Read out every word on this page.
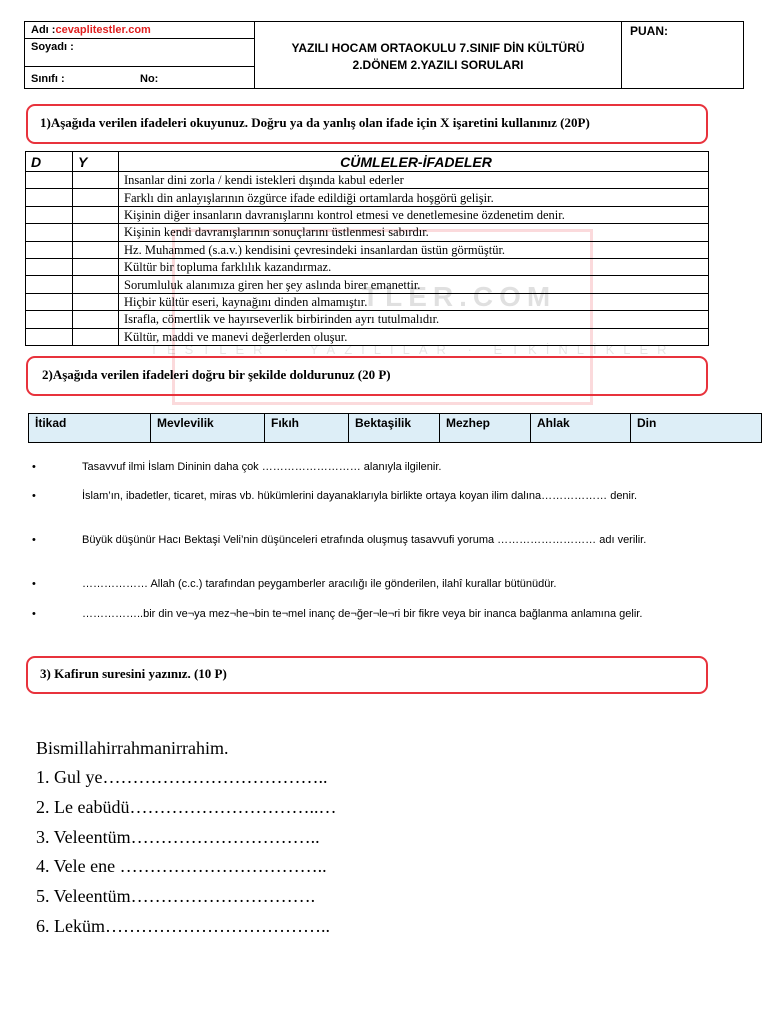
TLER.COM
TESTLER · YAZILILAR · ETKİNLİKLER
Adı :cevaplitestler.com
Soyadı :
Sınıfı :	No:
YAZILI HOCAM ORTAOKULU 7.SINIF DİN KÜLTÜRÜ
2.DÖNEM 2.YAZILI SORULARI
PUAN:
1)Aşağıda verilen ifadeleri okuyunuz. Doğru ya da yanlış olan ifade için X işaretini kullanınız (20P)
D	Y	CÜMLELER-İFADELER
		Insanlar dini zorla / kendi istekleri dışında kabul ederler
		Farklı din anlayışlarının özgürce ifade edildiği ortamlarda hoşgörü gelişir.
		Kişinin diğer insanların davranışlarını kontrol etmesi ve denetlemesine özdenetim denir.
		Kişinin kendi davranışlarının sonuçlarını üstlenmesi sabırdır.
		Hz. Muhammed (s.a.v.) kendisini çevresindeki insanlardan üstün görmüştür.
		Kültür bir topluma farklılık kazandırmaz.
		Sorumluluk alanımıza giren her şey aslında birer emanettir.
		Hiçbir kültür eseri, kaynağını dinden almamıştır.
		Israfla, cömertlik ve hayırseverlik birbirinden ayrı tutulmalıdır.
		Kültür, maddi ve manevi değerlerden oluşur.
2)Aşağıda verilen ifadeleri doğru bir şekilde doldurunuz (20 P)
İtikad	Mevlevilik	Fıkıh	Bektaşilik	Mezhep	Ahlak	Din
•	Tasavvuf ilmi İslam Dininin daha çok ……………………… alanıyla ilgilenir.
•	İslam’ın, ibadetler, ticaret, miras vb. hükümlerini dayanaklarıyla birlikte ortaya koyan ilim dalına……………… denir.
•	Büyük düşünür Hacı Bektaşi Veli’nin düşünceleri etrafında oluşmuş tasavvufi yoruma ……………………… adı verilir.
•	……………… Allah (c.c.) tarafından peygamberler aracılığı ile gönderilen, ilahî kurallar bütünüdür.
•	……………..bir din ve¬ya mez¬he¬bin te¬mel inanç de¬ğer¬le¬ri bir fikre veya bir inanca bağlanma anlamına gelir.
3) Kafirun suresini yazınız. (10 P)
Bismillahirrahmanirrahim.
1. Gul ye………………………………..
2. Le eabüdü…………………………..…
3. Veleentüm…………………………..
4. Vele ene ……………………………..
5. Veleentüm………………………….
6. Leküm………………………………..
